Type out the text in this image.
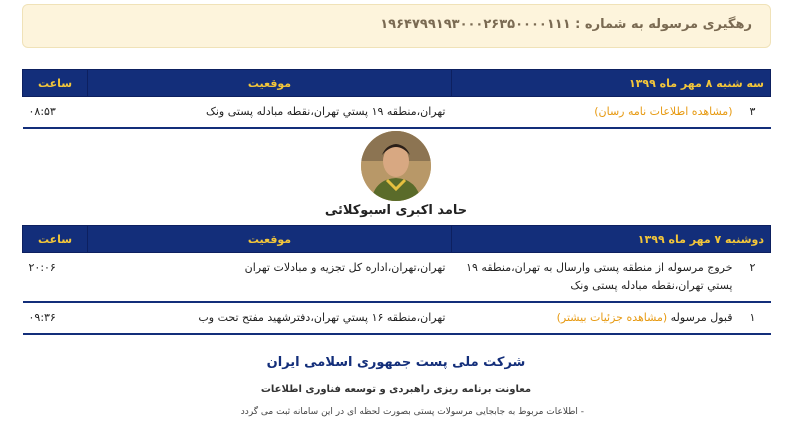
رهگیری مرسوله به شماره : ۱۹۶۴۷۹۹۱۹۳۰۰۰۲۶۳۵۰۰۰۰۱۱۱
سه شنبه ۸ مهر ماه ۱۳۹۹	موقعیت	ساعت

۳
(مشاهده اطلاعات نامه رسان)	تهران،منطقه ۱۹ پستي تهران،نقطه مبادله پستی ونک	۰۸:۵۳
حامد اکبری اسبوکلائی
دوشنبه ۷ مهر ماه ۱۳۹۹	موقعیت	ساعت

۲
خروج مرسوله از منطقه پستی وارسال به تهران،منطقه ۱۹ پستي تهران،نقطه مبادله پستی ونک	تهران،تهران،اداره کل تجزیه و مبادلات تهران	۲۰:۰۶

۱
قبول مرسوله (مشاهده جزئیات بیشتر)	تهران،منطقه ۱۶ پستي تهران،دفترشهید مفتح تحت وب	۰۹:۳۶
شرکت ملی پست جمهوری اسلامی ایران
معاونت برنامه ریزی راهبردی و توسعه فناوری اطلاعات
- اطلاعات مربوط به جابجایی مرسولات پستی بصورت لحظه ای در این سامانه ثبت می گردد
